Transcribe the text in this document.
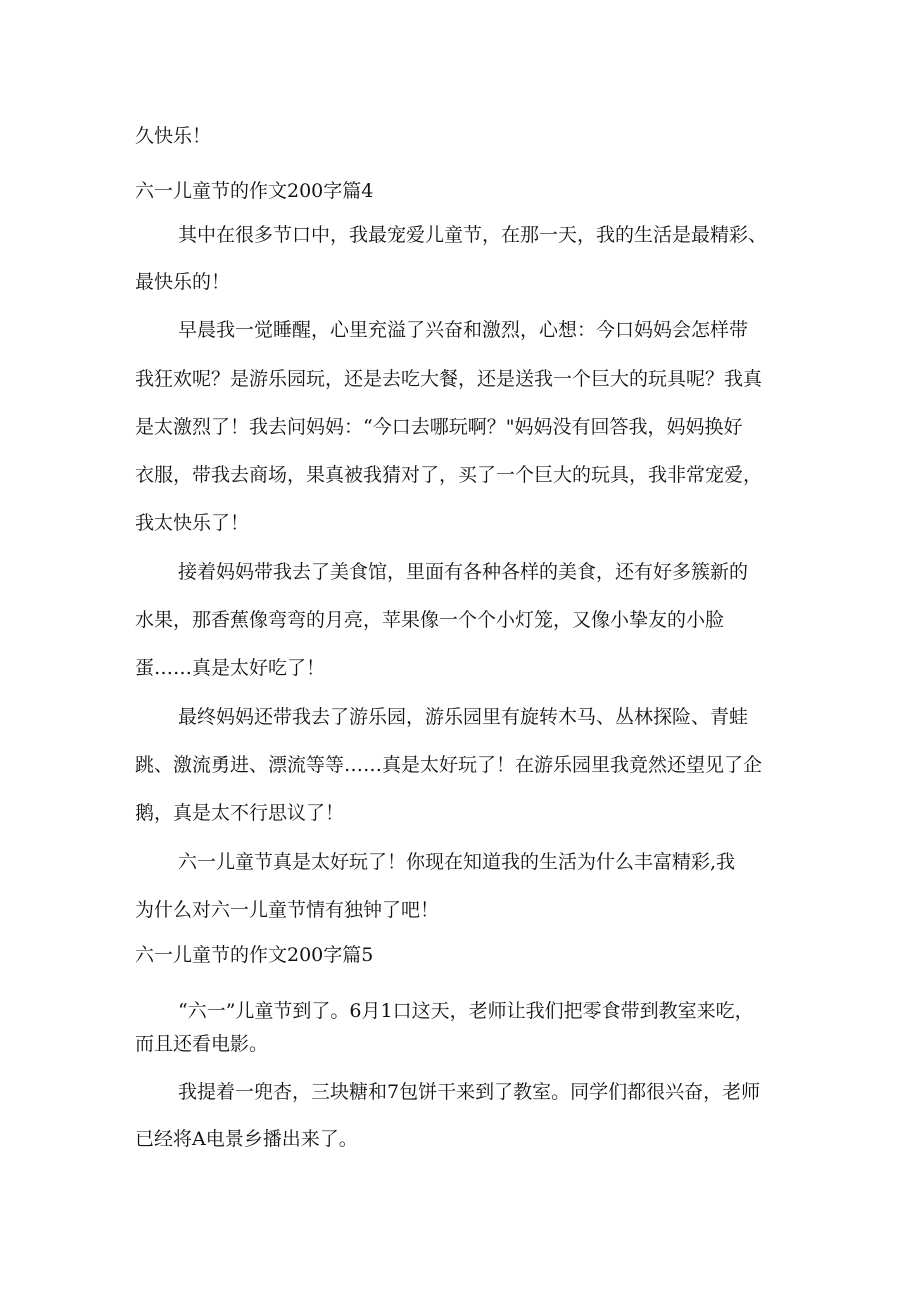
久快乐！
六一儿童节的作文200字篇4
其中在很多节口中，我最宠爱儿童节，在那一天，我的生活是最精彩、
最快乐的！
早晨我一觉睡醒，心里充溢了兴奋和激烈，心想：今口妈妈会怎样带
我狂欢呢？是游乐园玩，还是去吃大餐，还是送我一个巨大的玩具呢？我真
是太激烈了！我去问妈妈：“今口去哪玩啊？"妈妈没有回答我，妈妈换好
衣服，带我去商场，果真被我猜对了，买了一个巨大的玩具，我非常宠爱，
我太快乐了！
接着妈妈带我去了美食馆，里面有各种各样的美食，还有好多簇新的
水果，那香蕉像弯弯的月亮，苹果像一个个小灯笼，又像小挚友的小脸
蛋……真是太好吃了！
最终妈妈还带我去了游乐园，游乐园里有旋转木马、丛林探险、青蛙
跳、激流勇进、漂流等等……真是太好玩了！在游乐园里我竟然还望见了企
鹅，真是太不行思议了！
六一儿童节真是太好玩了！你现在知道我的生活为什么丰富精彩,我
为什么对六一儿童节情有独钟了吧！
六一儿童节的作文200字篇5
“六一”儿童节到了。6月1口这天，老师让我们把零食带到教室来吃，
而且还看电影。
我提着一兜杏，三块糖和7包饼干来到了教室。同学们都很兴奋，老师
已经将A电景乡播出来了。
